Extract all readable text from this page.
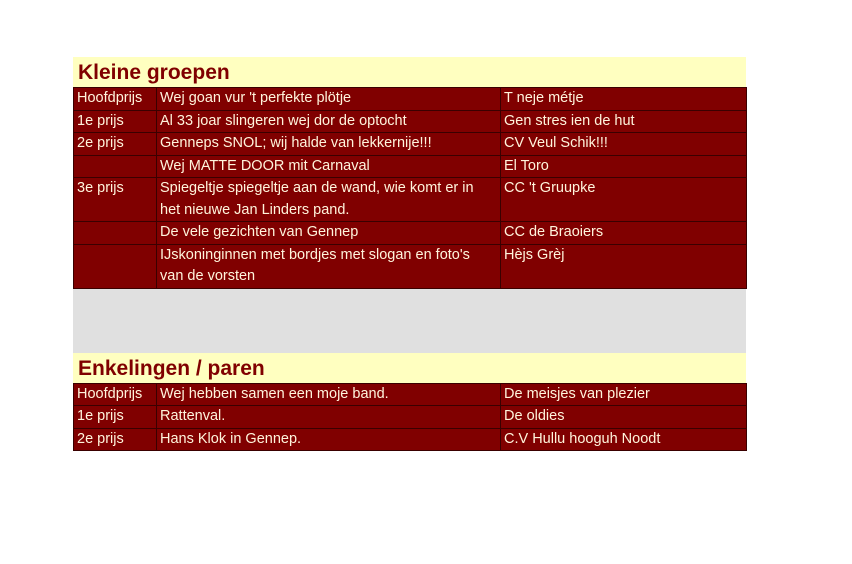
Kleine groepen
Hoofdprijs	Wej goan vur 't perfekte plötje	T neje métje
1e prijs	Al 33 joar slingeren wej dor de optocht	Gen stres ien de hut
2e prijs	Genneps SNOL; wij halde van lekkernije!!!	CV Veul Schik!!!
	Wej MATTE DOOR mit Carnaval	El Toro
3e prijs	Spiegeltje spiegeltje aan de wand, wie komt er in het nieuwe Jan Linders pand.	CC 't Gruupke
	De vele gezichten van Gennep	CC de Braoiers
	IJskoninginnen met bordjes met slogan en foto's van de vorsten	Hèjs Grèj
Enkelingen / paren
Hoofdprijs	Wej hebben samen een moje band.	De meisjes van plezier
1e prijs	Rattenval.	De oldies
2e prijs	Hans Klok in Gennep.	C.V Hullu hooguh Noodt
